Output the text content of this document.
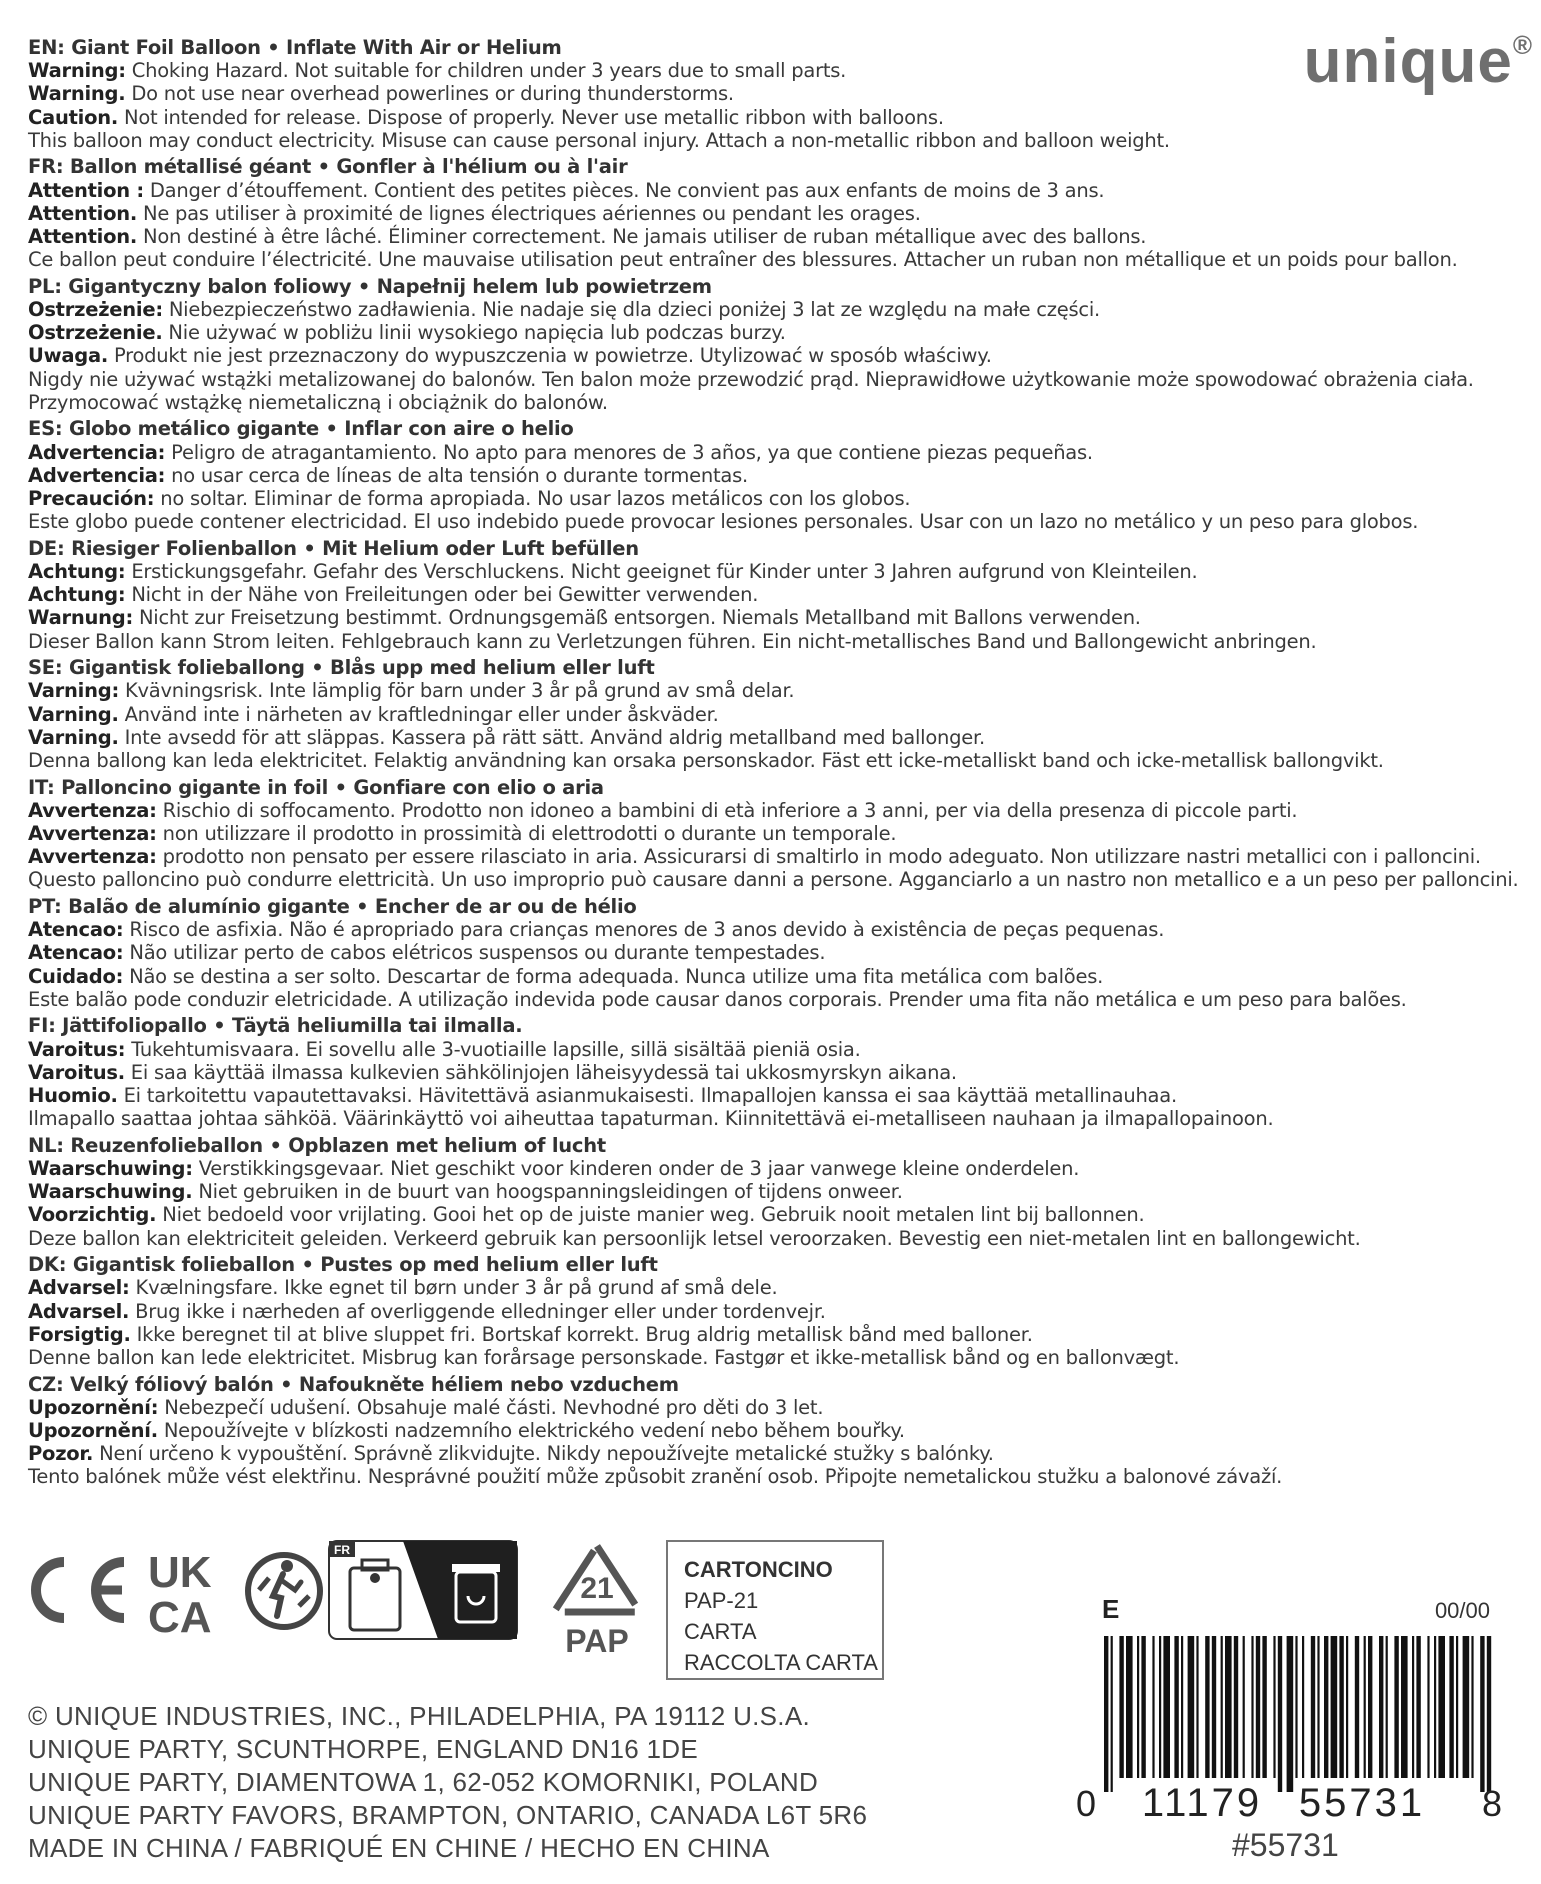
unique®
EN: Giant Foil Balloon • Inflate With Air or Helium
Warning: Choking Hazard. Not suitable for children under 3 years due to small parts.
Warning. Do not use near overhead powerlines or during thunderstorms.
Caution. Not intended for release. Dispose of properly. Never use metallic ribbon with balloons.
This balloon may conduct electricity. Misuse can cause personal injury. Attach a non-metallic ribbon and balloon weight.
FR: Ballon métallisé géant • Gonfler à l'hélium ou à l'air
Attention : Danger d’étouffement. Contient des petites pièces. Ne convient pas aux enfants de moins de 3 ans.
Attention. Ne pas utiliser à proximité de lignes électriques aériennes ou pendant les orages.
Attention. Non destiné à être lâché. Éliminer correctement. Ne jamais utiliser de ruban métallique avec des ballons.
Ce ballon peut conduire l’électricité. Une mauvaise utilisation peut entraîner des blessures. Attacher un ruban non métallique et un poids pour ballon.
PL: Gigantyczny balon foliowy • Napełnij helem lub powietrzem
Ostrzeżenie: Niebezpieczeństwo zadławienia. Nie nadaje się dla dzieci poniżej 3 lat ze względu na małe części.
Ostrzeżenie. Nie używać w pobliżu linii wysokiego napięcia lub podczas burzy.
Uwaga. Produkt nie jest przeznaczony do wypuszczenia w powietrze. Utylizować w sposób właściwy.
Nigdy nie używać wstążki metalizowanej do balonów. Ten balon może przewodzić prąd. Nieprawidłowe użytkowanie może spowodować obrażenia ciała. Przymocować wstążkę niemetaliczną i obciążnik do balonów.
ES: Globo metálico gigante • Inflar con aire o helio
Advertencia: Peligro de atragantamiento. No apto para menores de 3 años, ya que contiene piezas pequeñas.
Advertencia: no usar cerca de líneas de alta tensión o durante tormentas.
Precaución: no soltar. Eliminar de forma apropiada. No usar lazos metálicos con los globos.
Este globo puede contener electricidad. El uso indebido puede provocar lesiones personales. Usar con un lazo no metálico y un peso para globos.
DE: Riesiger Folienballon • Mit Helium oder Luft befüllen
Achtung: Erstickungsgefahr. Gefahr des Verschluckens. Nicht geeignet für Kinder unter 3 Jahren aufgrund von Kleinteilen.
Achtung: Nicht in der Nähe von Freileitungen oder bei Gewitter verwenden.
Warnung: Nicht zur Freisetzung bestimmt. Ordnungsgemäß entsorgen. Niemals Metallband mit Ballons verwenden.
Dieser Ballon kann Strom leiten. Fehlgebrauch kann zu Verletzungen führen. Ein nicht-metallisches Band und Ballongewicht anbringen.
SE: Gigantisk folieballong • Blås upp med helium eller luft
Varning: Kvävningsrisk. Inte lämplig för barn under 3 år på grund av små delar.
Varning. Använd inte i närheten av kraftledningar eller under åskväder.
Varning. Inte avsedd för att släppas. Kassera på rätt sätt. Använd aldrig metallband med ballonger.
Denna ballong kan leda elektricitet. Felaktig användning kan orsaka personskador. Fäst ett icke-metalliskt band och icke-metallisk ballongvikt.
IT: Palloncino gigante in foil • Gonfiare con elio o aria
Avvertenza: Rischio di soffocamento. Prodotto non idoneo a bambini di età inferiore a 3 anni, per via della presenza di piccole parti.
Avvertenza: non utilizzare il prodotto in prossimità di elettrodotti o durante un temporale.
Avvertenza: prodotto non pensato per essere rilasciato in aria. Assicurarsi di smaltirlo in modo adeguato. Non utilizzare nastri metallici con i palloncini.
Questo palloncino può condurre elettricità. Un uso improprio può causare danni a persone. Agganciarlo a un nastro non metallico e a un peso per palloncini.
PT: Balão de alumínio gigante • Encher de ar ou de hélio
Atencao: Risco de asfixia. Não é apropriado para crianças menores de 3 anos devido à existência de peças pequenas.
Atencao: Não utilizar perto de cabos elétricos suspensos ou durante tempestades.
Cuidado: Não se destina a ser solto. Descartar de forma adequada. Nunca utilize uma fita metálica com balões.
Este balão pode conduzir eletricidade. A utilização indevida pode causar danos corporais. Prender uma fita não metálica e um peso para balões.
FI: Jättifoliopallo • Täytä heliumilla tai ilmalla.
Varoitus: Tukehtumisvaara. Ei sovellu alle 3-vuotiaille lapsille, sillä sisältää pieniä osia.
Varoitus. Ei saa käyttää ilmassa kulkevien sähkölinjojen läheisyydessä tai ukkosmyrskyn aikana.
Huomio. Ei tarkoitettu vapautettavaksi. Hävitettävä asianmukaisesti. Ilmapallojen kanssa ei saa käyttää metallinauhaa.
Ilmapallo saattaa johtaa sähköä. Väärinkäyttö voi aiheuttaa tapaturman. Kiinnitettävä ei-metalliseen nauhaan ja ilmapallopainoon.
NL: Reuzenfolieballon • Opblazen met helium of lucht
Waarschuwing: Verstikkingsgevaar. Niet geschikt voor kinderen onder de 3 jaar vanwege kleine onderdelen.
Waarschuwing. Niet gebruiken in de buurt van hoogspanningsleidingen of tijdens onweer.
Voorzichtig. Niet bedoeld voor vrijlating. Gooi het op de juiste manier weg. Gebruik nooit metalen lint bij ballonnen.
Deze ballon kan elektriciteit geleiden. Verkeerd gebruik kan persoonlijk letsel veroorzaken. Bevestig een niet-metalen lint en ballongewicht.
DK: Gigantisk folieballon • Pustes op med helium eller luft
Advarsel: Kvælningsfare. Ikke egnet til børn under 3 år på grund af små dele.
Advarsel. Brug ikke i nærheden af overliggende elledninger eller under tordenvejr.
Forsigtig. Ikke beregnet til at blive sluppet fri. Bortskaf korrekt. Brug aldrig metallisk bånd med balloner.
Denne ballon kan lede elektricitet. Misbrug kan forårsage personskade. Fastgør et ikke-metallisk bånd og en ballonvægt.
CZ: Velký fóliový balón • Nafoukněte héliem nebo vzduchem
Upozornění: Nebezpečí udušení. Obsahuje malé části. Nevhodné pro děti do 3 let.
Upozornění. Nepoužívejte v blízkosti nadzemního elektrického vedení nebo během bouřky.
Pozor. Není určeno k vypouštění. Správně zlikvidujte. Nikdy nepoužívejte metalické stužky s balónky.
Tento balónek může vést elektřinu. Nesprávné použití může způsobit zranění osob. Připojte nemetalickou stužku a balonové závaží.
CE	UK
CA
FR
21
PAP
CARTONCINO
PAP-21
CARTA
RACCOLTA CARTA
© UNIQUE INDUSTRIES, INC., PHILADELPHIA, PA 19112 U.S.A.
UNIQUE PARTY, SCUNTHORPE, ENGLAND DN16 1DE
UNIQUE PARTY, DIAMENTOWA 1, 62-052 KOMORNIKI, POLAND
UNIQUE PARTY FAVORS, BRAMPTON, ONTARIO, CANADA L6T 5R6
MADE IN CHINA / FABRIQUÉ EN CHINE / HECHO EN CHINA
E	00/00
0 11179 55731 8
#55731
